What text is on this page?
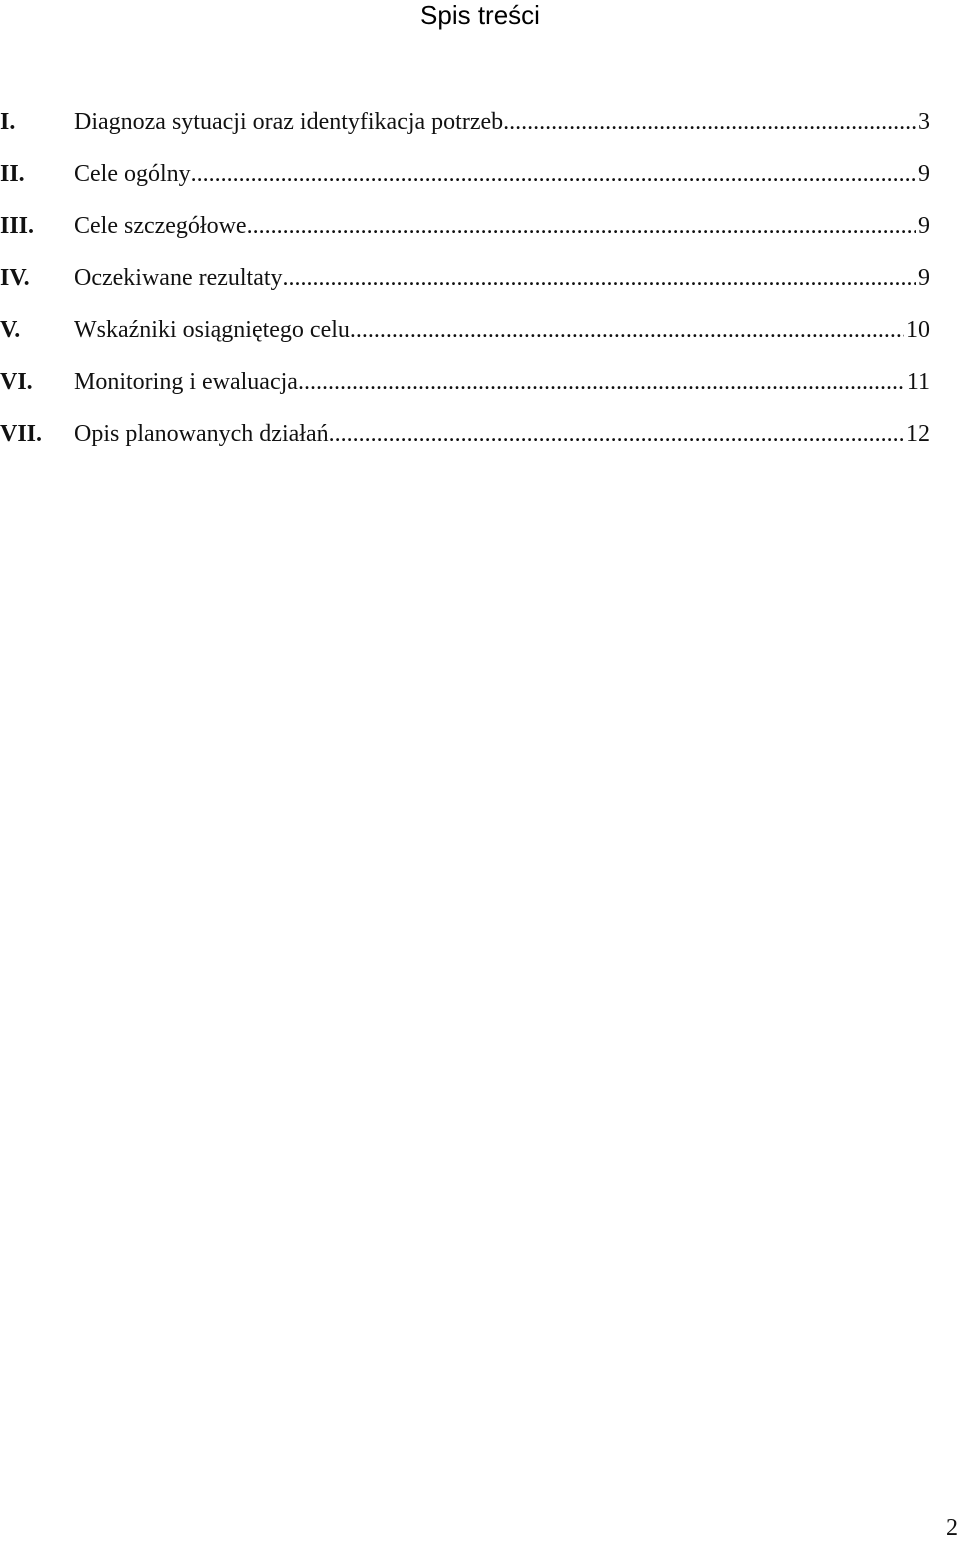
Spis treści
I. Diagnoza sytuacji oraz identyfikacja potrzeb .....	3
II. Cele ogólny .....	9
III. Cele szczegółowe .....	9
IV. Oczekiwane rezultaty .....	9
V. Wskaźniki osiągniętego celu .....	10
VI. Monitoring i ewaluacja .....	11
VII. Opis planowanych działań .....	12
2
